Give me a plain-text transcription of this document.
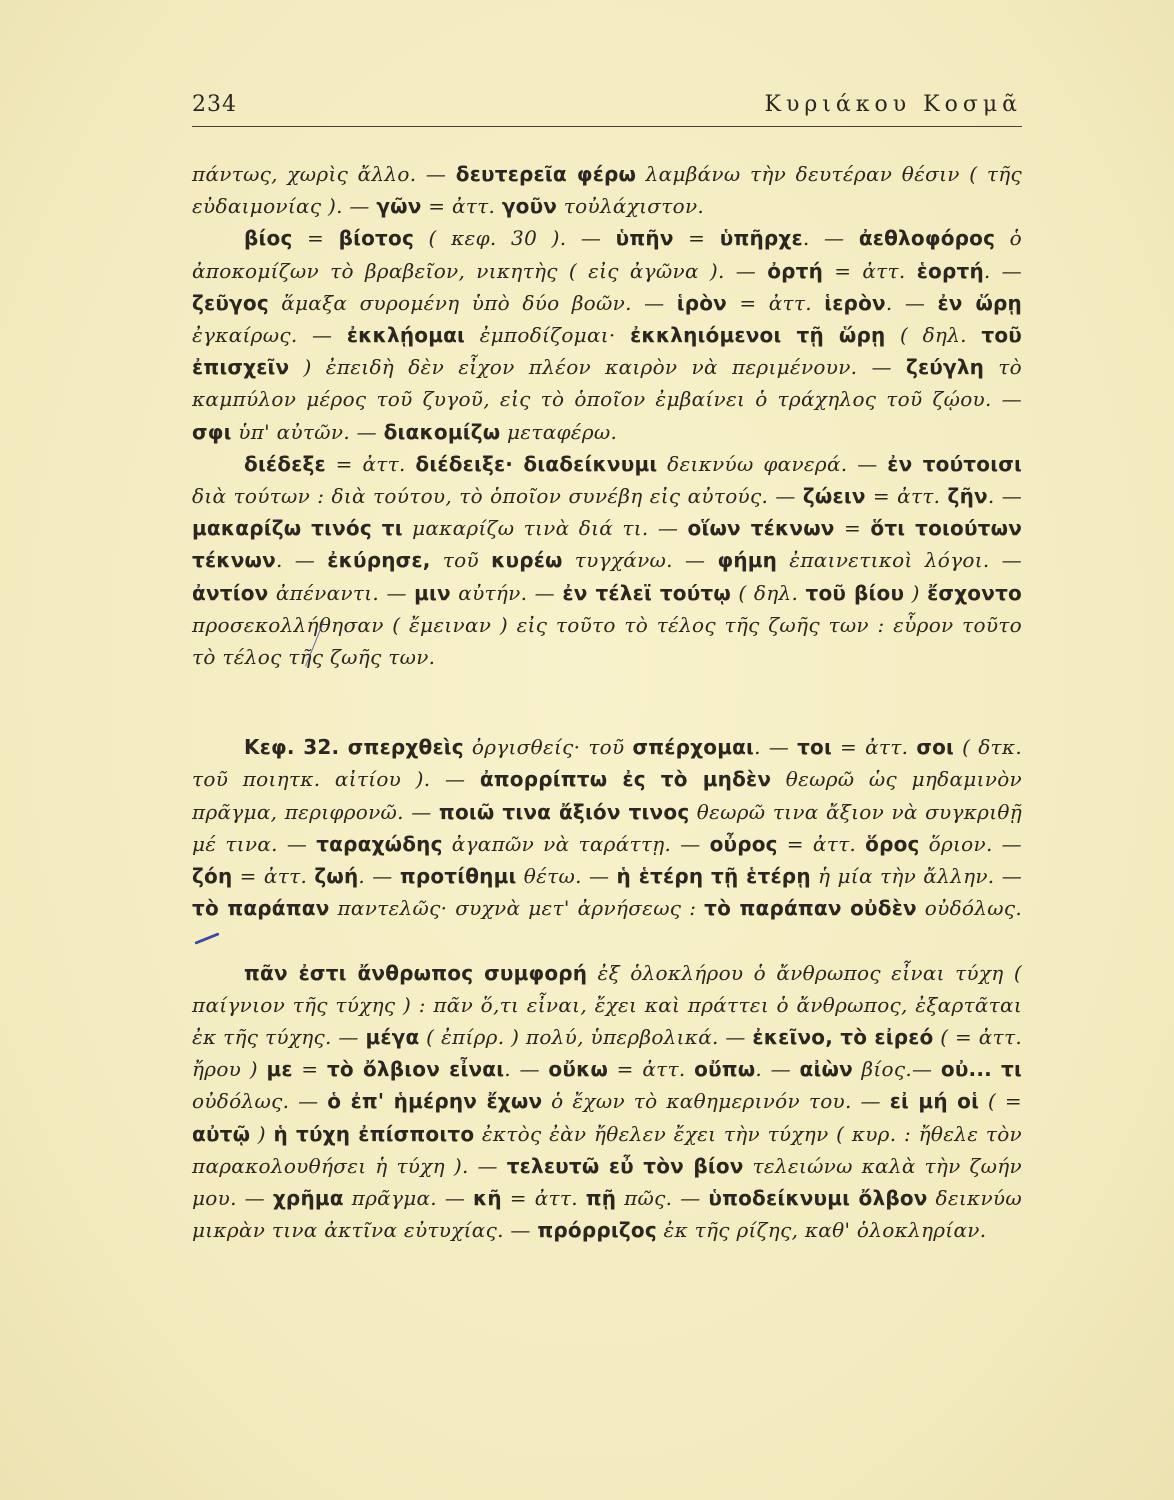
234	Κυριάκου Κοσμᾶ

πάντως, χωρὶς ἄλλο. — δευτερεῖα φέρω λαμβάνω τὴν δευτέραν θέσιν ( τῆς εὐδαιμονίας ). — γῶν = ἀττ. γοῦν τοὐλάχιστον.

βίος = βίοτος ( κεφ. 30 ). — ὑπῆν = ὑπῆρχε. — ἀεθλοφόρος ὁ ἀποκομίζων τὸ βραβεῖον, νικητὴς ( εἰς ἀγῶνα ). — ὀρτή = ἀττ. ἑορτή. — ζεῦγος ἅμαξα συρομένη ὑπὸ δύο βοῶν. — ἱρὸν = ἀττ. ἱερὸν. — ἐν ὥρῃ ἐγκαίρως. — ἐκκλῄομαι ἐμποδίζομαι· ἐκκληιόμενοι τῇ ὥρῃ ( δηλ. τοῦ ἐπισχεῖν ) ἐπειδὴ δὲν εἶχον πλέον καιρὸν νὰ περιμένουν. — ζεύγλη τὸ καμπύλον μέρος τοῦ ζυγοῦ, εἰς τὸ ὁποῖον ἐμβαίνει ὁ τράχηλος τοῦ ζῴου. — σφι ὑπ' αὐτῶν. — διακομίζω μεταφέρω.

διέδεξε = ἀττ. διέδειξε· διαδείκνυμι δεικνύω φανερά. — ἐν τούτοισι διὰ τούτων : διὰ τούτου, τὸ ὁποῖον συνέβη εἰς αὐτούς. — ζώειν = ἀττ. ζῆν. — μακαρίζω τινός τι μακαρίζω τινὰ διά τι. — οἵων τέκνων = ὅτι τοιούτων τέκνων. — ἐκύρησε, τοῦ κυρέω τυγχάνω. — φήμη ἐπαινετικοὶ λόγοι. — ἀντίον ἀπέναντι. — μιν αὐτήν. — ἐν τέλεϊ τούτῳ ( δηλ. τοῦ βίου ) ἔσχοντο προσεκολλήθησαν ( ἔμειναν ) εἰς τοῦτο τὸ τέλος τῆς ζωῆς των : εὗρον τοῦτο τὸ τέλος τῆς ζωῆς των.

Κεφ. 32. σπερχθεὶς ὀργισθείς· τοῦ σπέρχομαι. — τοι = ἀττ. σοι ( δτκ. τοῦ ποιητκ. αἰτίου ). — ἀπορρίπτω ἐς τὸ μηδὲν θεωρῶ ὡς μηδαμινὸν πρᾶγμα, περιφρονῶ. — ποιῶ τινα ἄξιόν τινος θεωρῶ τινα ἄξιον νὰ συγκριθῇ μέ τινα. — ταραχώδης ἀγαπῶν νὰ ταράττῃ. — οὖρος = ἀττ. ὅρος ὅριον. — ζόη = ἀττ. ζωή. — προτίθημι θέτω. — ἡ ἑτέρη τῇ ἑτέρῃ ἡ μία τὴν ἄλλην. — τὸ παράπαν παντελῶς· συχνὰ μετ' ἀρνήσεως : τὸ παράπαν οὐδὲν οὐδόλως.

πᾶν ἐστι ἄνθρωπος συμφορή ἐξ ὁλοκλήρου ὁ ἄνθρωπος εἶναι τύχη ( παίγνιον τῆς τύχης ) : πᾶν ὅ,τι εἶναι, ἔχει καὶ πράττει ὁ ἄνθρωπος, ἐξαρτᾶται ἐκ τῆς τύχης. — μέγα ( ἐπίρρ. ) πολύ, ὑπερβολικά. — ἐκεῖνο, τὸ εἰρεό ( = ἀττ. ἤρου ) με = τὸ ὄλβιον εἶναι. — οὔκω = ἀττ. οὔπω. — αἰὼν βίος.— οὐ... τι οὐδόλως. — ὁ ἐπ' ἡμέρην ἔχων ὁ ἔχων τὸ καθημερινόν του. — εἰ μή οἱ ( = αὐτῷ ) ἡ τύχη ἐπίσποιτο ἐκτὸς ἐὰν ἤθελεν ἔχει τὴν τύχην ( κυρ. : ἤθελε τὸν παρακολουθήσει ἡ τύχη ). — τελευτῶ εὖ τὸν βίον τελειώνω καλὰ τὴν ζωήν μου. — χρῆμα πρᾶγμα. — κῆ = ἀττ. πῇ πῶς. — ὑποδείκνυμι ὄλβον δεικνύω μικρὰν τινα ἀκτῖνα εὐτυχίας. — πρόρριζος ἐκ τῆς ρίζης, καθ' ὁλοκληρίαν.
